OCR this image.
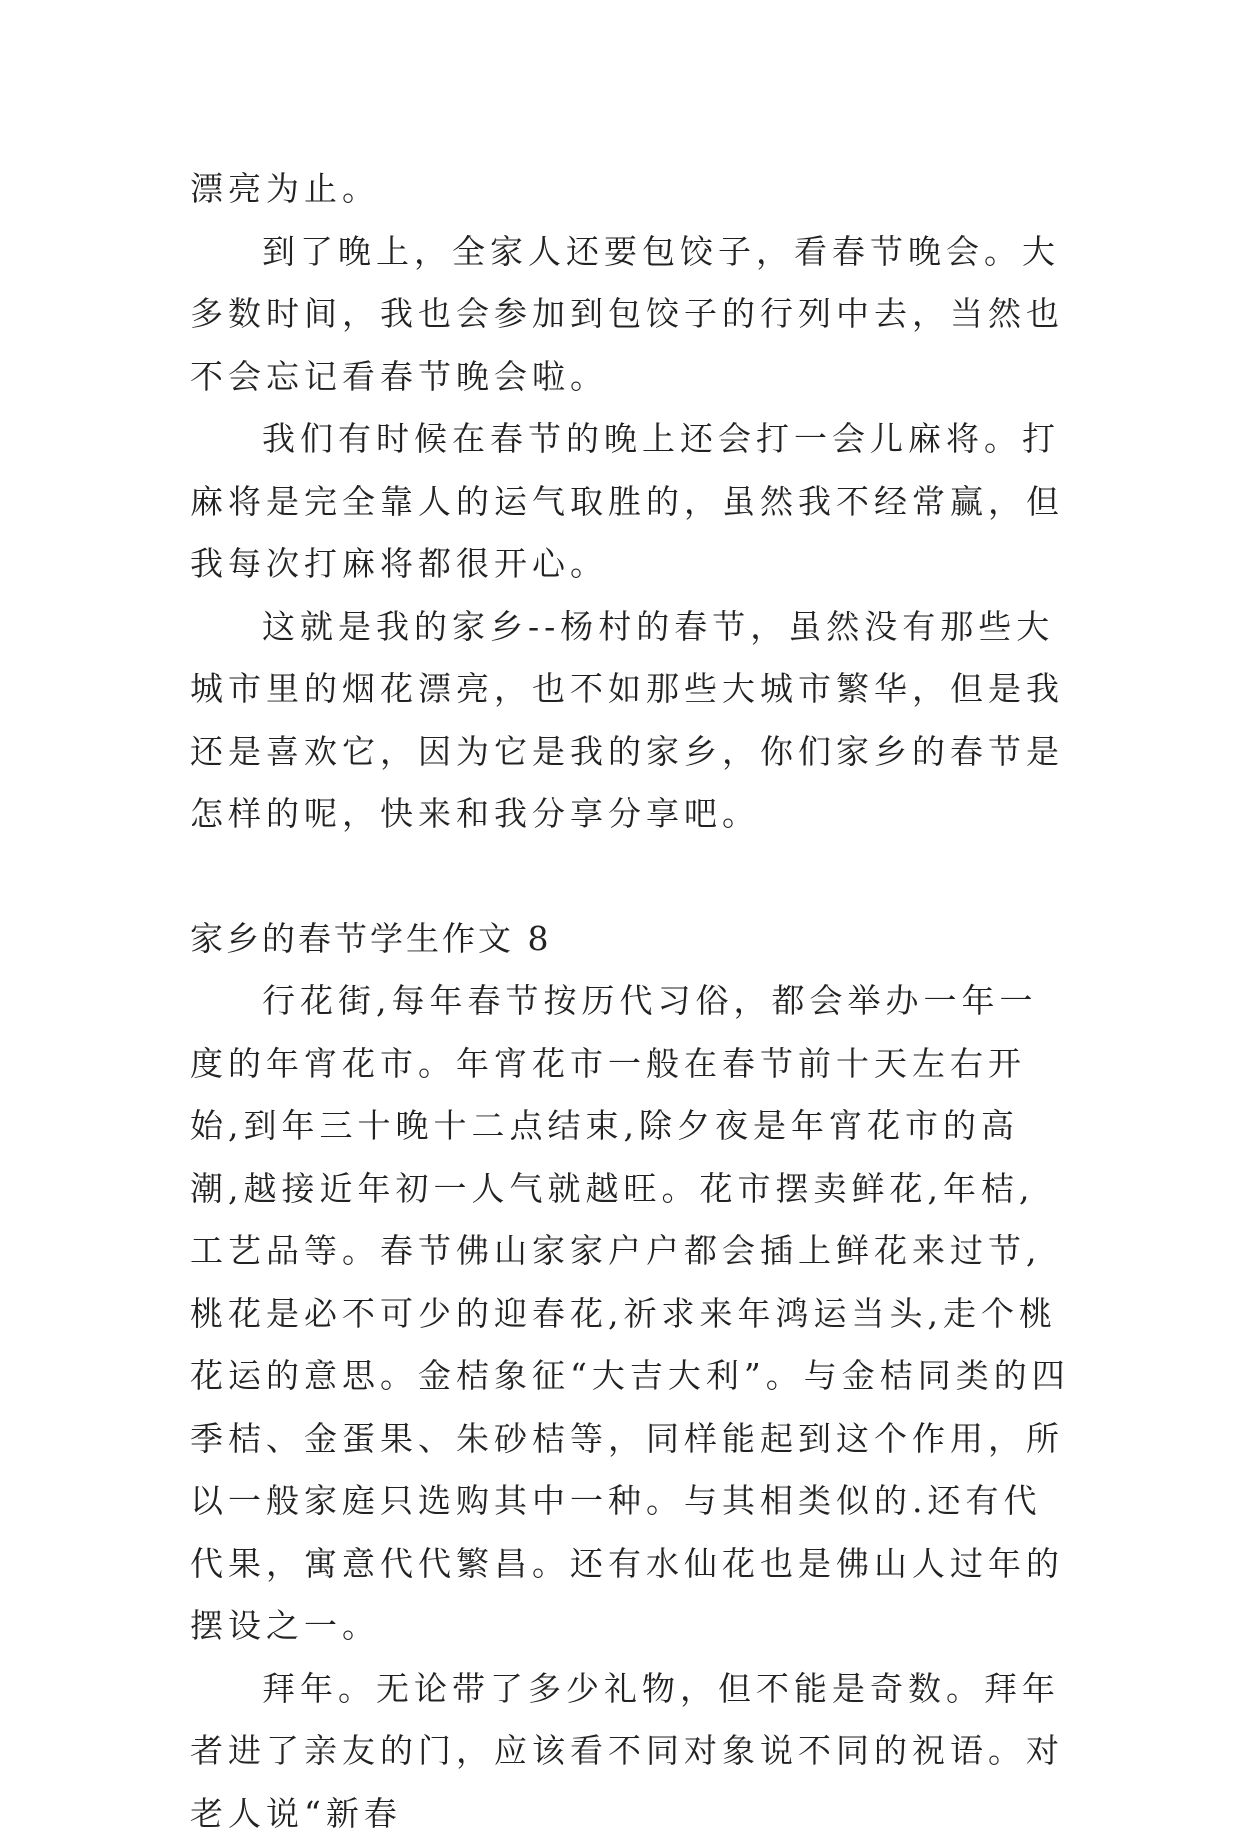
漂亮为止。

到了晚上，全家人还要包饺子，看春节晚会。大多数时间，我也会参加到包饺子的行列中去，当然也不会忘记看春节晚会啦。

我们有时候在春节的晚上还会打一会儿麻将。打麻将是完全靠人的运气取胜的，虽然我不经常赢，但我每次打麻将都很开心。

这就是我的家乡--杨村的春节，虽然没有那些大城市里的烟花漂亮，也不如那些大城市繁华，但是我还是喜欢它，因为它是我的家乡，你们家乡的春节是怎样的呢，快来和我分享分享吧。

家乡的春节学生作文 8

行花街,每年春节按历代习俗，都会举办一年一度的年宵花市。年宵花市一般在春节前十天左右开始,到年三十晚十二点结束,除夕夜是年宵花市的高潮,越接近年初一人气就越旺。花市摆卖鲜花,年桔,工艺品等。春节佛山家家户户都会插上鲜花来过节,桃花是必不可少的迎春花,祈求来年鸿运当头,走个桃花运的意思。金桔象征“大吉大利”。与金桔同类的四季桔、金蛋果、朱砂桔等，同样能起到这个作用，所以一般家庭只选购其中一种。与其相类似的.还有代代果，寓意代代繁昌。还有水仙花也是佛山人过年的摆设之一。

拜年。无论带了多少礼物，但不能是奇数。拜年者进了亲友的门，应该看不同对象说不同的祝语。对老人说“新春
